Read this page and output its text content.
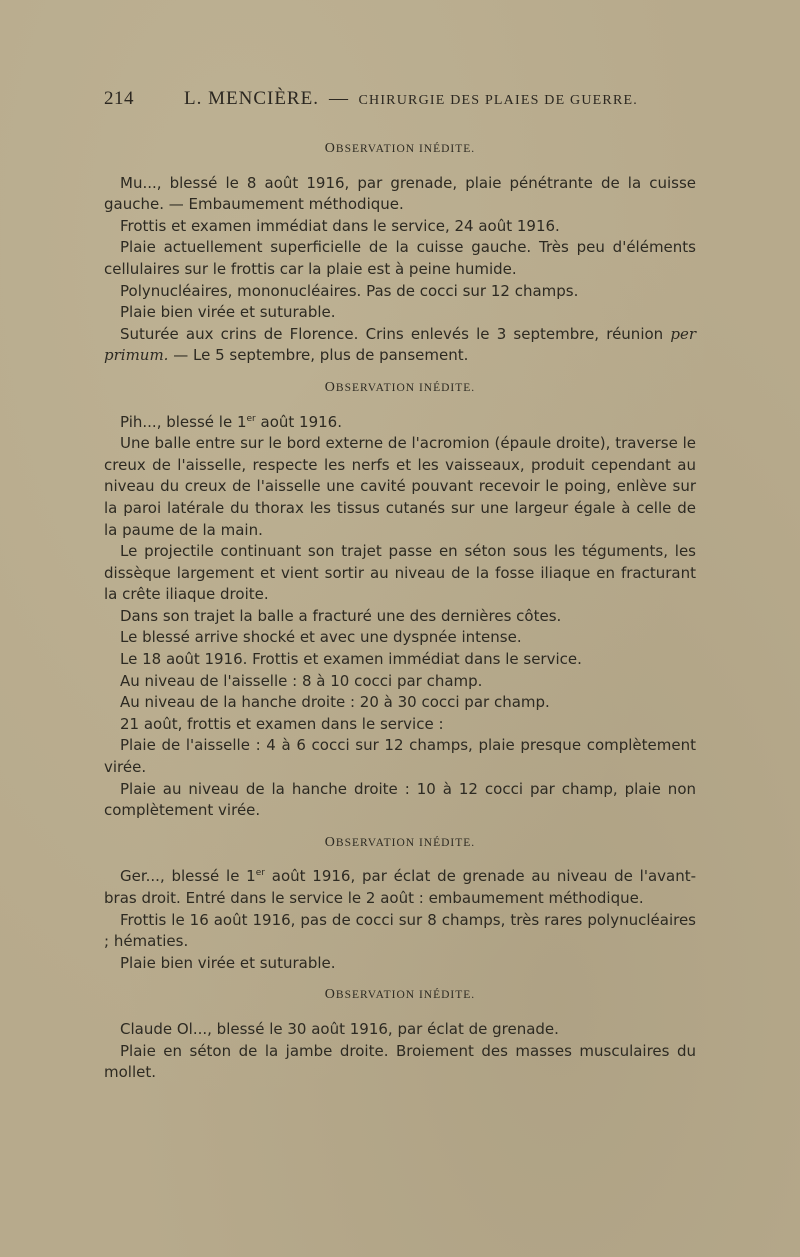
214	L. MENCIÈRE. — CHIRURGIE DES PLAIES DE GUERRE.
OBSERVATION INÉDITE.

Mu..., blessé le 8 août 1916, par grenade, plaie pénétrante de la cuisse gauche. — Embaumement méthodique.

Frottis et examen immédiat dans le service, 24 août 1916.

Plaie actuellement superficielle de la cuisse gauche. Très peu d'éléments cellulaires sur le frottis car la plaie est à peine humide.

Polynucléaires, mononucléaires. Pas de cocci sur 12 champs.

Plaie bien virée et suturable.

Suturée aux crins de Florence. Crins enlevés le 3 septembre, réunion per primum. — Le 5 septembre, plus de pansement.

OBSERVATION INÉDITE.

Pih..., blessé le 1er août 1916.

Une balle entre sur le bord externe de l'acromion (épaule droite), traverse le creux de l'aisselle, respecte les nerfs et les vaisseaux, produit cependant au niveau du creux de l'aisselle une cavité pouvant recevoir le poing, enlève sur la paroi latérale du thorax les tissus cutanés sur une largeur égale à celle de la paume de la main.

Le projectile continuant son trajet passe en séton sous les téguments, les dissèque largement et vient sortir au niveau de la fosse iliaque en fracturant la crête iliaque droite.

Dans son trajet la balle a fracturé une des dernières côtes.

Le blessé arrive shocké et avec une dyspnée intense.

Le 18 août 1916. Frottis et examen immédiat dans le service.

Au niveau de l'aisselle : 8 à 10 cocci par champ.

Au niveau de la hanche droite : 20 à 30 cocci par champ.

21 août, frottis et examen dans le service :

Plaie de l'aisselle : 4 à 6 cocci sur 12 champs, plaie presque complètement virée.

Plaie au niveau de la hanche droite : 10 à 12 cocci par champ, plaie non complètement virée.

OBSERVATION INÉDITE.

Ger..., blessé le 1er août 1916, par éclat de grenade au niveau de l'avant-bras droit. Entré dans le service le 2 août : embaumement méthodique.

Frottis le 16 août 1916, pas de cocci sur 8 champs, très rares polynucléaires ; hématies.

Plaie bien virée et suturable.

OBSERVATION INÉDITE.

Claude Ol..., blessé le 30 août 1916, par éclat de grenade.

Plaie en séton de la jambe droite. Broiement des masses musculaires du mollet.
